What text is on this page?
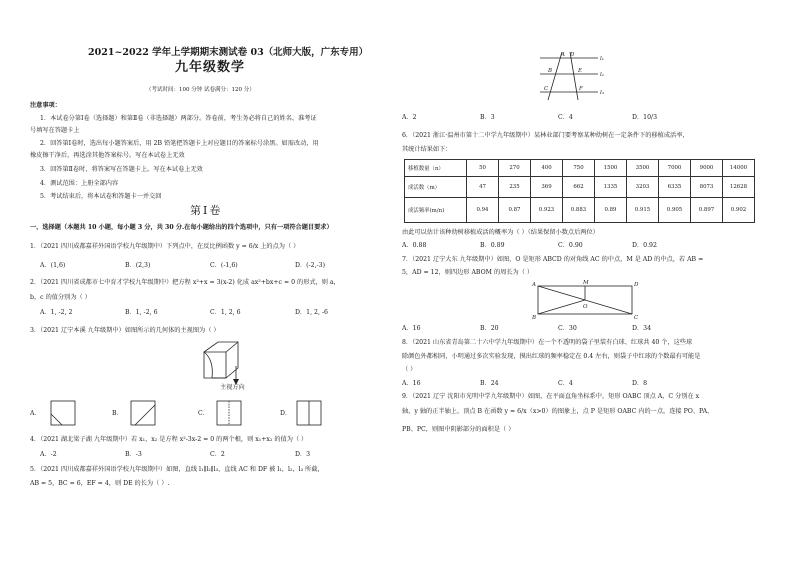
2021~2022 学年上学期期末测试卷 03（北师大版，广东专用）
九年级数学
（考试时间：100 分钟 试卷满分：120 分）
注意事项：
1．本试卷分第Ⅰ卷（选择题）和第Ⅱ卷（非选择题）两部分。答卷前，考生务必将自己的姓名、准考证
号填写在答题卡上
2．回答第Ⅰ卷时，选出每小题答案后，用 2B 铅笔把答题卡上对应题目的答案标号涂黑。如需改动，用
橡皮擦干净后，再选涂其他答案标号。写在本试卷上无效
3．回答第Ⅱ卷时，将答案写在答题卡上。写在本试卷上无效
4．测试范围：上册全部内容
5．考试结束后，将本试卷和答题卡一并交回
第Ⅰ卷
一、选择题（本题共 10 小题，每小题 3 分，共 30 分.在每小题给出的四个选项中，只有一项符合题目要求）
1．（2021 四川成都嘉祥外国语学校九年级期中）下列点中，在反比例函数 y = 6/x 上的点为（ ）
A．(1,6)	B．(2,3)	C．(-1,6)	D．(-2,-3)
2．（2021 四川省成都市七中育才学校九年级期中）把方程 x²+x = 3(x-2) 化成 ax²+bx+c = 0 的形式，则 a，
b，c 的值分别为（ ）
A．1, -2, 2	B．1, -2, 6	C．1, 2, 6	D．1, 2, -6
3．（2021 辽宁本溪 九年级期中）如图所示的几何体的主视图为（ ）
主视方向
A．	B．	C．	D．
4．（2021 湖北梁子湖 九年级期中）若 x₁，x₂ 是方程 x²-3x-2 = 0 的两个根，则 x₁+x₂ 的值为（ ）
A．-2	B．-3	C．2	D．3
5．（2021 四川成都嘉祥外国语学校九年级期中）如图，直线 l₁∥l₂∥l₃，直线 AC 和 DF 被 l₁，l₂，l₃ 所截，
AB = 5，BC = 6，EF = 4，则 DE 的长为（ ）.
A D
B	E
C	F
l₁
l₂
l₃
A．2	B．3	C．4	D．10/3
6．（2021 浙江·温州市第十二中学九年级期中）某林业部门要考察某种幼树在一定条件下的移植成活率，
其统计结果如下：
移植数量（n）	50	270	400	750	1500	3500	7000	9000	14000
成活数（m）	47	235	369	662	1335	3203	6335	8073	12628
成活频率(m/n)	0.94	0.87	0.923	0.883	0.89	0.915	0.905	0.897	0.902
由此可以估计该种幼树移植成活的概率为（ ）（结果保留小数点后两位）
A．0.88	B．0.89	C．0.90	D．0.92
7．（2021 辽宁大东 九年级期中）如图，O 是矩形 ABCD 的对角线 AC 的中点，M 是 AD 的中点，若 AB =
5，AD = 12，则四边形 ABOM 的周长为（ ）
A	M	D
O
B	C
A．16	B．20	C．30	D．34
8．（2021 山东省青岛第二十六中学九年级期中）在一个不透明的袋子里装有白球、红球共 40 个，这些球
除颜色外都相同，小明通过多次实验发现，摸出红球的频率稳定在 0.4 左右，则袋子中红球的个数最有可能是
（ ）
A．16	B．24	C．4	D．8
9．（2021 辽宁 沈阳市光明中学九年级期中）如图，在平面直角坐标系中，矩形 OABC 顶点 A，C 分别在 x
轴，y 轴的正半轴上，顶点 B 在函数 y = 6/x（x>0）的图象上，点 P 是矩形 OABC 内的一点，连接 PO、PA、
PB、PC，则图中阴影部分的面积是（ ）
